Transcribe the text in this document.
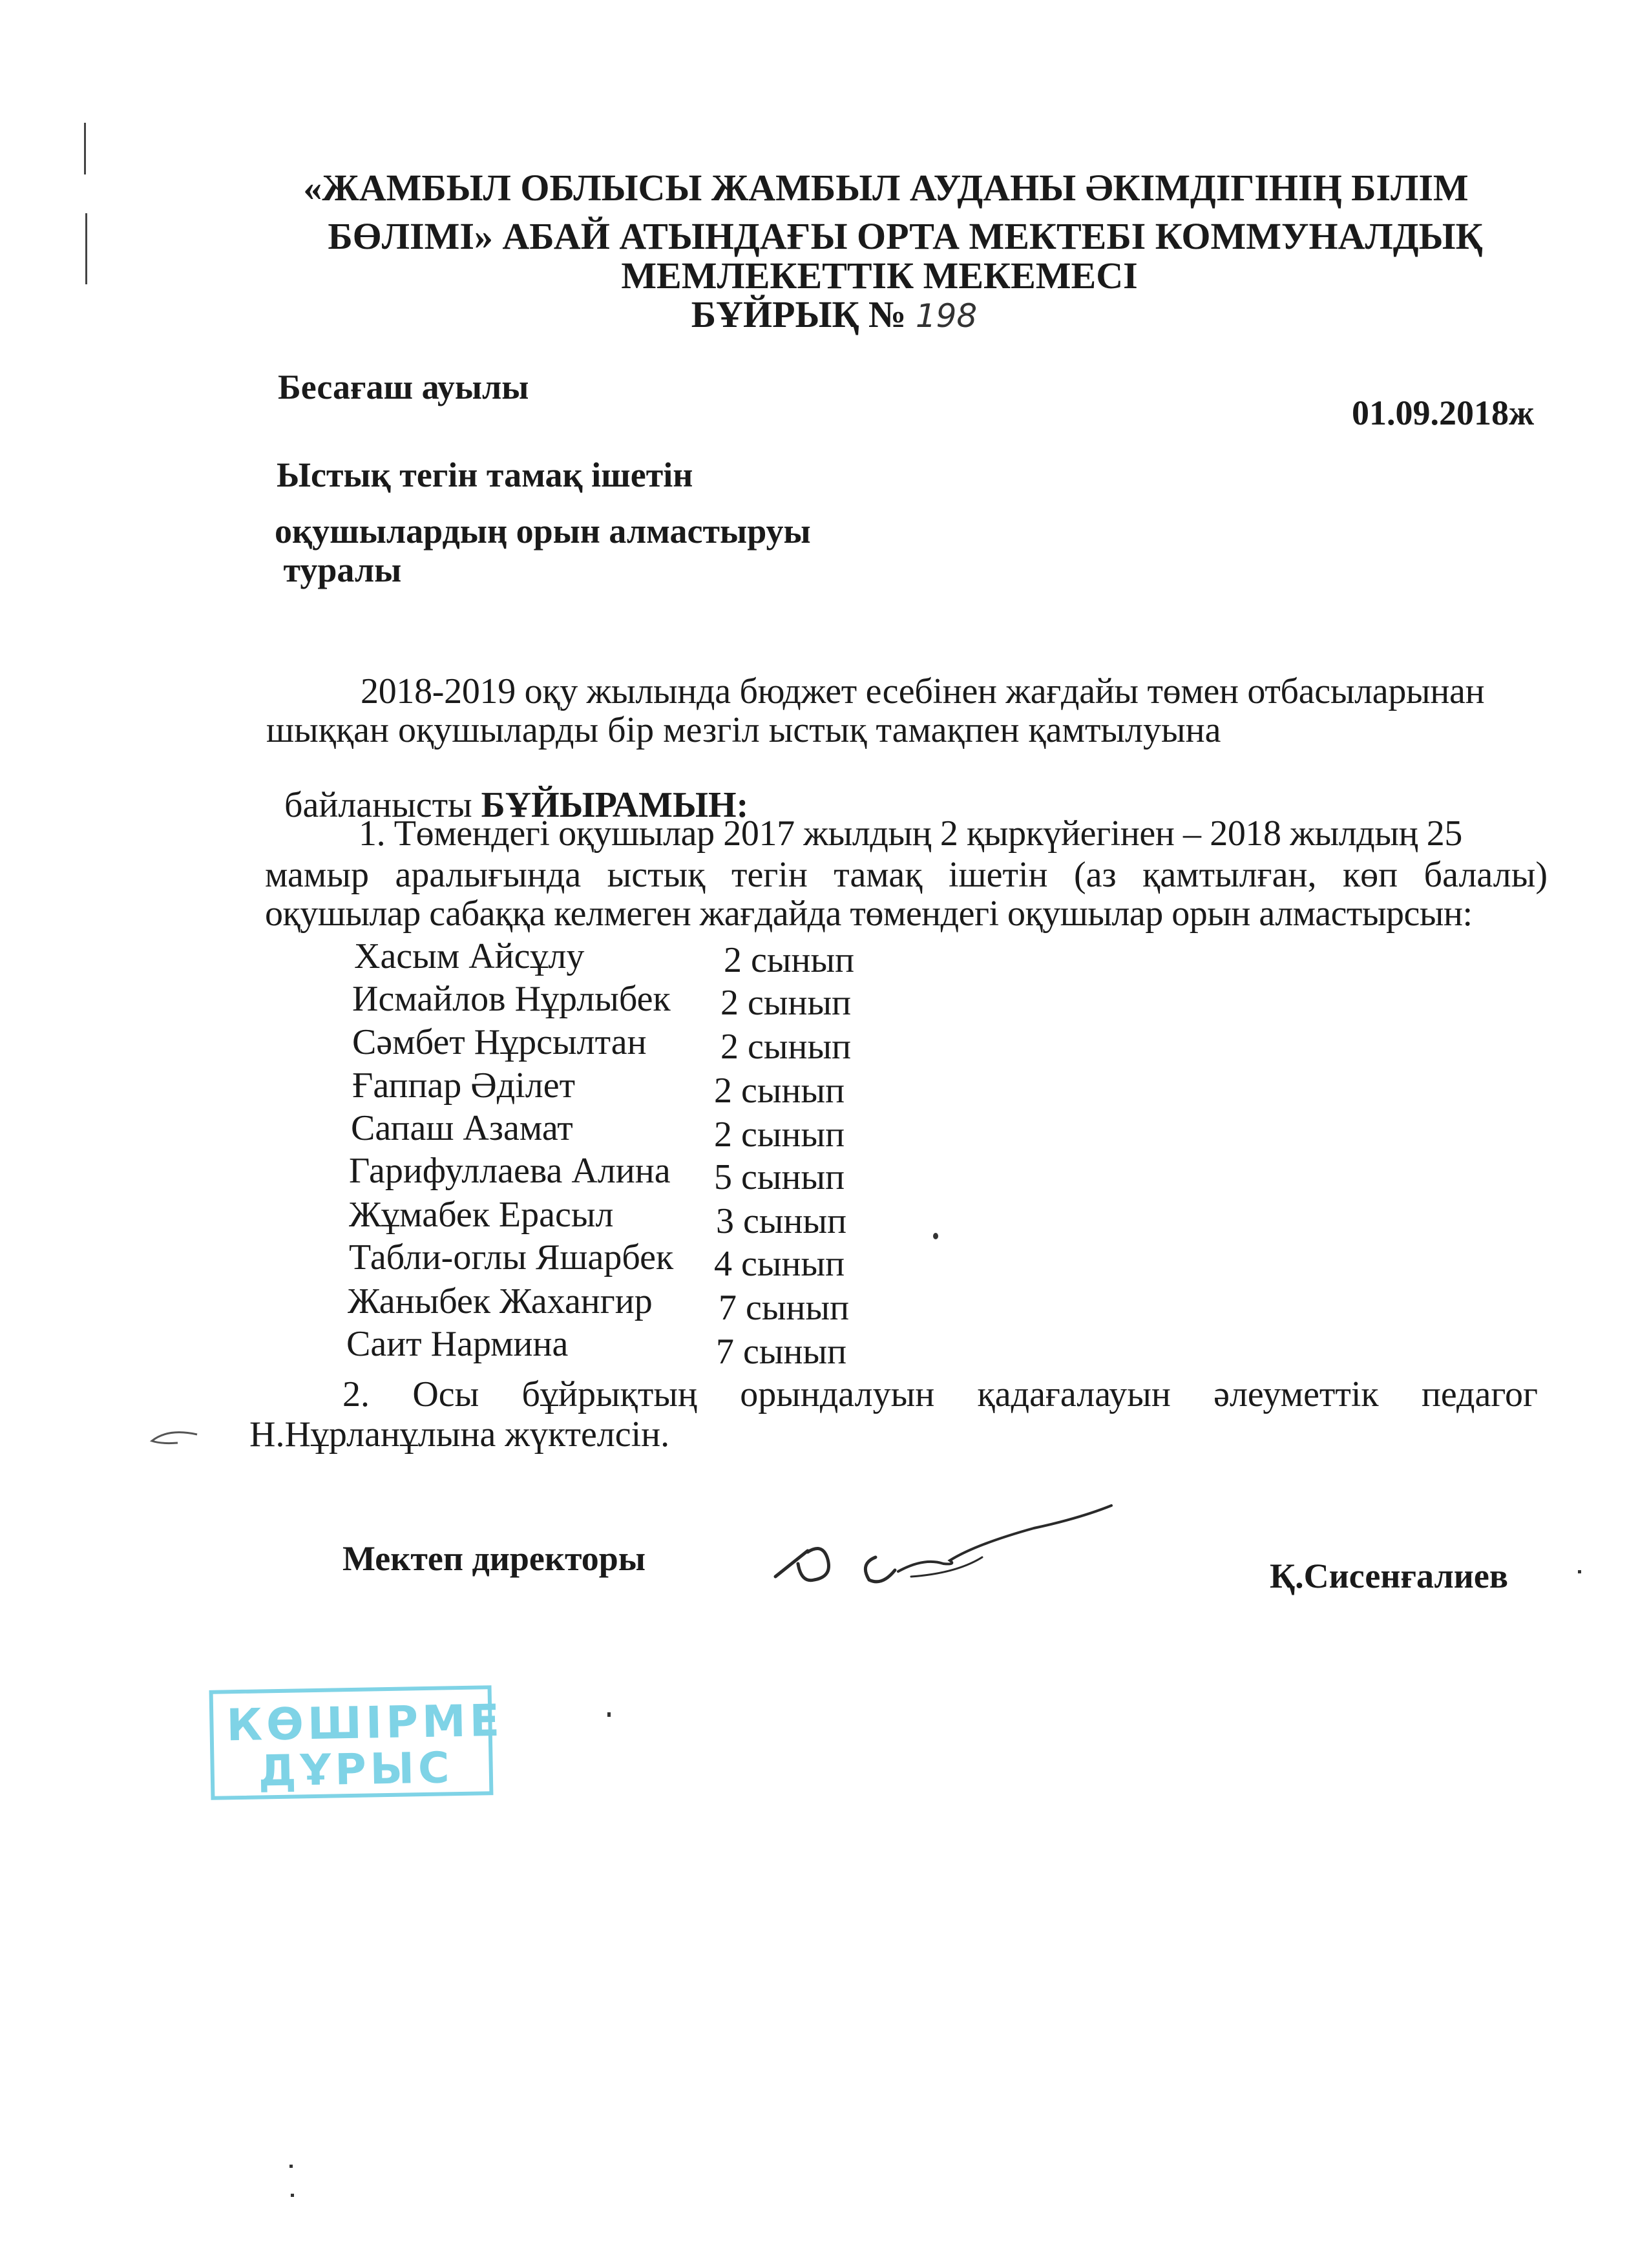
«ЖАМБЫЛ ОБЛЫСЫ ЖАМБЫЛ АУДАНЫ ӘКІМДІГІНІҢ БІЛІМ
БӨЛІМІ» АБАЙ АТЫНДАҒЫ ОРТА МЕКТЕБІ КОММУНАЛДЫҚ
МЕМЛЕКЕТТІК МЕКЕМЕСІ
БҰЙРЫҚ № 198
Бесағаш ауылы
01.09.2018ж
Ыстық тегін тамақ ішетін
оқушылардың орын алмастыруы
туралы
2018-2019 оқу жылында бюджет есебінен жағдайы төмен отбасыларынан
шыққан оқушыларды бір мезгіл ыстық тамақпен қамтылуына

байланысты БҰЙЫРАМЫН:

1. Төмендегі оқушылар 2017 жылдың 2 қыркүйегінен – 2018 жылдың 25
мамыр аралығында ыстық тегін тамақ ішетін (аз қамтылған, көп балалы)
оқушылар сабаққа келмеген жағдайда төмендегі оқушылар орын алмастырсын:
Хасым Айсұлу	2 сынып
Исмайлов Нұрлыбек 2 сынып
Сәмбет Нұрсылтан 2 сынып
Ғаппар Әділет	2 сынып
Сапаш Азамат	2 сынып
Гарифуллаева Алина 5 сынып
Жұмабек Ерасыл	3 сынып
Табли-оглы Яшарбек 4 сынып
Жаныбек Жахангир 7 сынып
Саит Нармина	7 сынып
2. Осы бұйрықтың орындалуын қадағалауын әлеуметтік педагог
Н.Нұрланұлына жүктелсін.
Мектеп директоры	Қ.Сисенғалиев
КӨШІРМЕ
ДҰРЫС
